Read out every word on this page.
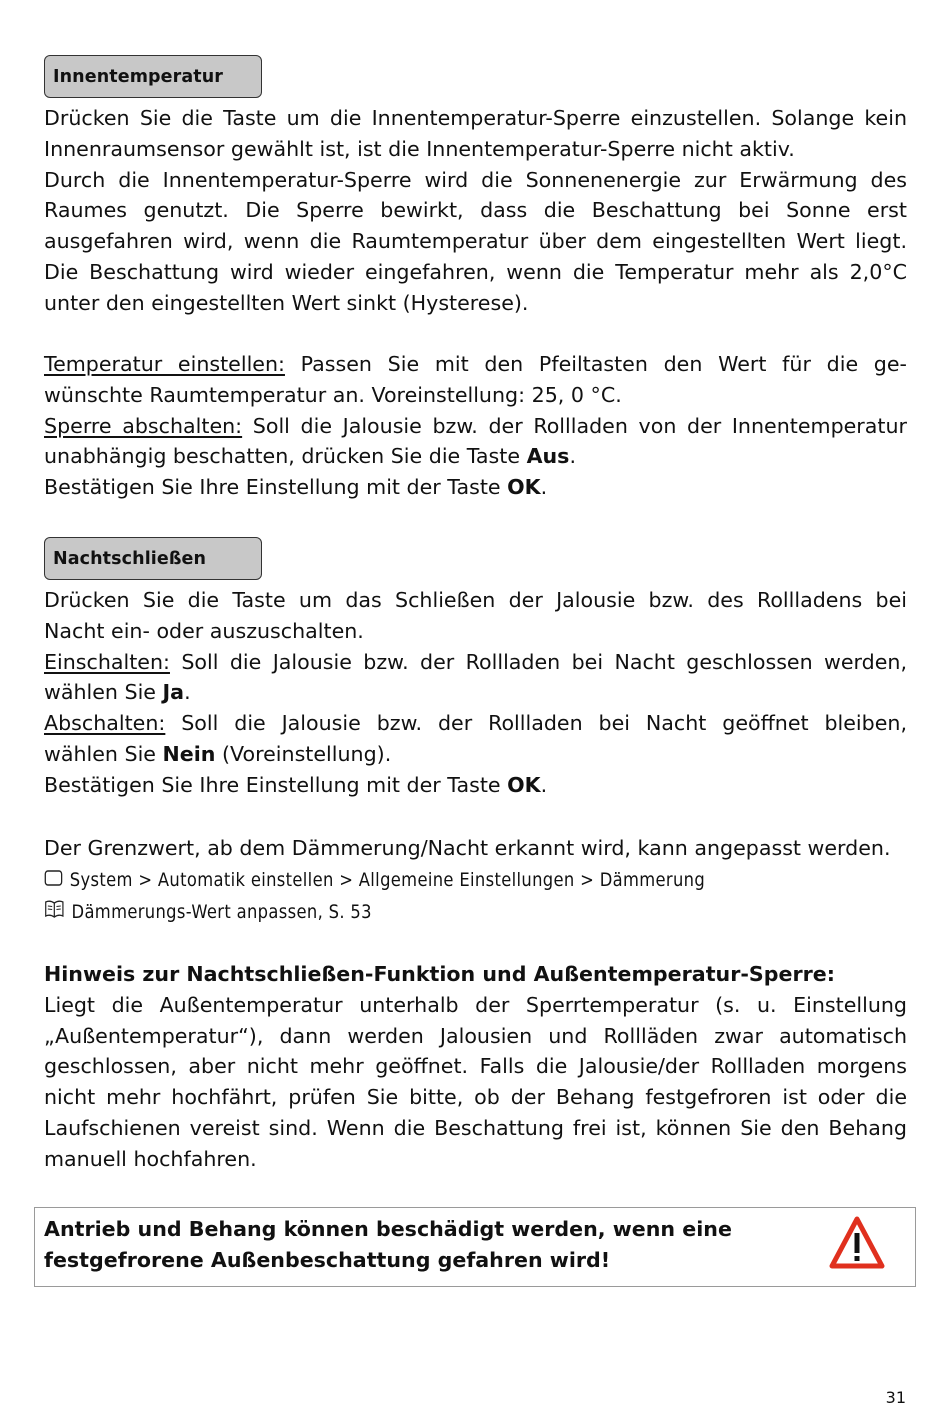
Innentemperatur
Drücken Sie die Taste um die Innentemperatur-Sperre einzustellen. Solange kein
Innenraumsensor gewählt ist, ist die Innentemperatur-Sperre nicht aktiv.
Durch die Innentemperatur-Sperre wird die Sonnenenergie zur Erwärmung des
Raumes genutzt. Die Sperre bewirkt, dass die Beschattung bei Sonne erst
ausgefahren wird, wenn die Raumtemperatur über dem eingestellten Wert liegt.
Die Beschattung wird wieder eingefahren, wenn die Temperatur mehr als 2,0°C
unter den eingestellten Wert sinkt (Hysterese).
Temperatur einstellen: Passen Sie mit den Pfeiltasten den Wert für die ge-
wünschte Raumtemperatur an. Voreinstellung: 25, 0 °C.
Sperre abschalten: Soll die Jalousie bzw. der Rollladen von der Innentemperatur
unabhängig beschatten, drücken Sie die Taste Aus.
Bestätigen Sie Ihre Einstellung mit der Taste OK.
Nachtschließen
Drücken Sie die Taste um das Schließen der Jalousie bzw. des Rollladens bei
Nacht ein- oder auszuschalten.
Einschalten: Soll die Jalousie bzw. der Rollladen bei Nacht geschlossen werden,
wählen Sie Ja.
Abschalten: Soll die Jalousie bzw. der Rollladen bei Nacht geöffnet bleiben,
wählen Sie Nein (Voreinstellung).
Bestätigen Sie Ihre Einstellung mit der Taste OK.
Der Grenzwert, ab dem Dämmerung/Nacht erkannt wird, kann angepasst werden.
System > Automatik einstellen > Allgemeine Einstellungen > Dämmerung
Dämmerungs-Wert anpassen, S. 53
Hinweis zur Nachtschließen-Funktion und Außentemperatur-Sperre:
Liegt die Außentemperatur unterhalb der Sperrtemperatur (s. u. Einstellung
„Außentemperatur“), dann werden Jalousien und Rollläden zwar automatisch
geschlossen, aber nicht mehr geöffnet. Falls die Jalousie/der Rollladen morgens
nicht mehr hochfährt, prüfen Sie bitte, ob der Behang festgefroren ist oder die
Laufschienen vereist sind. Wenn die Beschattung frei ist, können Sie den Behang
manuell hochfahren.
Antrieb und Behang können beschädigt werden, wenn eine
festgefrorene Außenbeschattung gefahren wird!
31
